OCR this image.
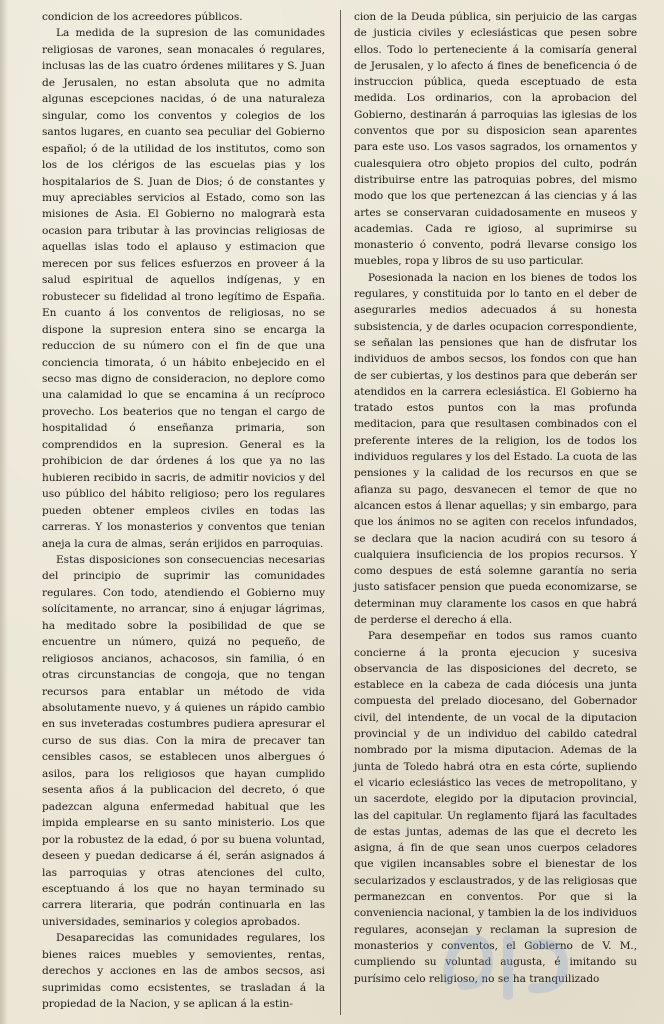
condicion de los acreedores públicos.

La medida de la supresion de las comunidades religiosas de varones, sean monacales ó regulares, inclusas las de las cuatro órdenes militares y S. Juan de Jerusalen, no estan absoluta que no admita algunas escepciones nacidas, ó de una naturaleza singular, como los conventos y colegios de los santos lugares, en cuanto sea peculiar del Gobierno español; ó de la utilidad de los institutos, como son los de los clérigos de las escuelas pias y los hospitalarios de S. Juan de Dios; ó de constantes y muy apreciables servicios al Estado, como son las misiones de Asia. El Gobierno no malograrà esta ocasion para tributar à las provincias religiosas de aquellas islas todo el aplauso y estimacion que merecen por sus felices esfuerzos en proveer á la salud espiritual de aquellos indígenas, y en robustecer su fidelidad al trono legítimo de España. En cuanto á los conventos de religiosas, no se dispone la supresion entera sino se encarga la reduccion de su número con el fin de que una conciencia timorata, ó un hábito enbejecido en el secso mas digno de consideracion, no deplore como una calamidad lo que se encamina á un recíproco provecho. Los beaterios que no tengan el cargo de hospitalidad ó enseñanza primaria, son comprendidos en la supresion. General es la prohibicion de dar órdenes á los que ya no las hubieren recibido in sacris, de admitir novicios y del uso público del hábito religioso; pero los regulares pueden obtener empleos civiles en todas las carreras. Y los monasterios y conventos que tenian aneja la cura de almas, serán erijidos en parroquias.

Estas disposiciones son consecuencias necesarias del principio de suprimir las comunidades regulares. Con todo, atendiendo el Gobierno muy solícitamente, no arrancar, sino á enjugar lágrimas, ha meditado sobre la posibilidad de que se encuentre un número, quizá no pequeño, de religiosos ancianos, achacosos, sin familia, ó en otras circunstancias de congoja, que no tengan recursos para entablar un método de vida absolutamente nuevo, y á quienes un rápido cambio en sus inveteradas costumbres pudiera apresurar el curso de sus dias. Con la mira de precaver tan censibles casos, se establecen unos albergues ó asilos, para los religiosos que hayan cumplido sesenta años á la publicacion del decreto, ó que padezcan alguna enfermedad habitual que les impida emplearse en su santo ministerio. Los que por la robustez de la edad, ó por su buena voluntad, deseen y puedan dedicarse á él, serán asignados á las parroquias y otras atenciones del culto, esceptuando á los que no hayan terminado su carrera literaria, que podrán continuarla en las universidades, seminarios y colegios aprobados.

Desaparecidas las comunidades regulares, los bienes raices muebles y semovientes, rentas, derechos y acciones en las de ambos secsos, asi suprimidas como ecsistentes, se trasladan á la propiedad de la Nacion, y se aplican á la estin-

cion de la Deuda pública, sin perjuicio de las cargas de justicia civiles y eclesiásticas que pesen sobre ellos. Todo lo perteneciente á la comisaría general de Jerusalen, y lo afecto á fines de beneficencia ó de instruccion pública, queda esceptuado de esta medida. Los ordinarios, con la aprobacion del Gobierno, destinarán á parroquias las iglesias de los conventos que por su disposicion sean aparentes para este uso. Los vasos sagrados, los ornamentos y cualesquiera otro objeto propios del culto, podrán distribuirse entre las patroquias pobres, del mismo modo que los que pertenezcan á las ciencias y á las artes se conservaran cuidadosamente en museos y academias. Cada re igioso, al suprimirse su monasterio ó convento, podrá llevarse consigo los muebles, ropa y libros de su uso particular.

Posesionada la nacion en los bienes de todos los regulares, y constituida por lo tanto en el deber de asegurarles medios adecuados á su honesta subsistencia, y de darles ocupacion correspondiente, se señalan las pensiones que han de disfrutar los individuos de ambos secsos, los fondos con que han de ser cubiertas, y los destinos para que deberán ser atendidos en la carrera eclesiástica. El Gobierno ha tratado estos puntos con la mas profunda meditacion, para que resultasen combinados con el preferente interes de la religion, los de todos los individuos regulares y los del Estado. La cuota de las pensiones y la calidad de los recursos en que se afianza su pago, desvanecen el temor de que no alcancen estos á llenar aquellas; y sin embargo, para que los ánimos no se agiten con recelos infundados, se declara que la nacion acudirá con su tesoro á cualquiera insuficiencia de los propios recursos. Y como despues de está solemne garantía no seria justo satisfacer pension que pueda economizarse, se determinan muy claramente los casos en que habrá de perderse el derecho á ella.

Para desempeñar en todos sus ramos cuanto concierne á la pronta ejecucion y sucesiva observancia de las disposiciones del decreto, se establece en la cabeza de cada diócesis una junta compuesta del prelado diocesano, del Gobernador civil, del intendente, de un vocal de la diputacion provincial y de un individuo del cabildo catedral nombrado por la misma diputacion. Ademas de la junta de Toledo habrá otra en esta córte, supliendo el vicario eclesiástico las veces de metropolitano, y un sacerdote, elegido por la diputacion provincial, las del capitular. Un reglamento fijará las facultades de estas juntas, ademas de las que el decreto les asigna, á fin de que sean unos cuerpos celadores que vigilen incansables sobre el bienestar de los secularizados y esclaustrados, y de las religiosas que permanezcan en conventos. Por que si la conveniencia nacional, y tambien la de los individuos regulares, aconsejan y reclaman la supresion de monasterios y conventos, el Gobierno de V. M., cumpliendo su voluntad augusta, é imitando su purísimo celo religioso, no se ha tranquilizado
